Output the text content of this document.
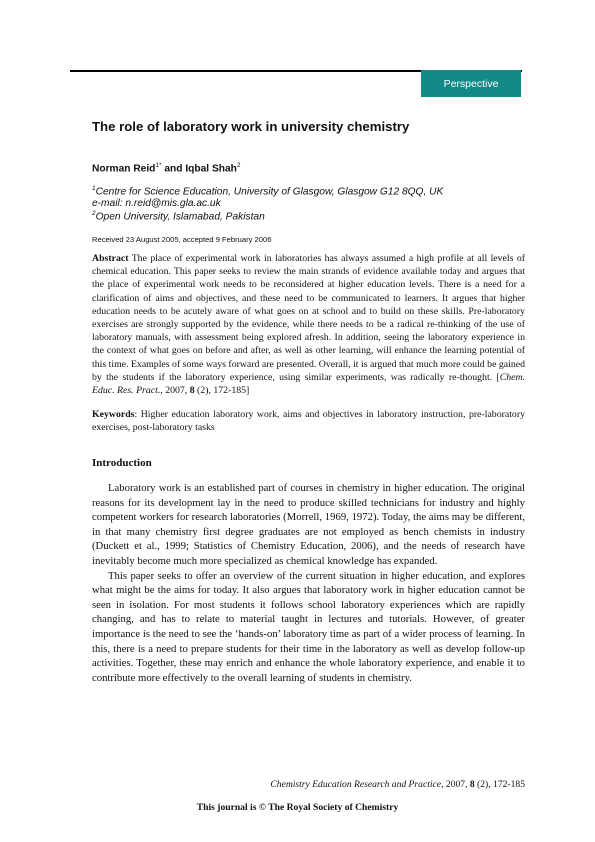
Perspective
The role of laboratory work in university chemistry
Norman Reid$^{1*}$ and Iqbal Shah$^2$
$^1$Centre for Science Education, University of Glasgow, Glasgow G12 8QQ, UK
e-mail: n.reid@mis.gla.ac.uk
$^2$Open University, Islamabad, Pakistan
Received 23 August 2005, accepted 9 February 2006
Abstract The place of experimental work in laboratories has always assumed a high profile at all levels of chemical education. This paper seeks to review the main strands of evidence available today and argues that the place of experimental work needs to be reconsidered at higher education levels. There is a need for a clarification of aims and objectives, and these need to be communicated to learners. It argues that higher education needs to be acutely aware of what goes on at school and to build on these skills. Pre-laboratory exercises are strongly supported by the evidence, while there needs to be a radical re-thinking of the use of laboratory manuals, with assessment being explored afresh. In addition, seeing the laboratory experience in the context of what goes on before and after, as well as other learning, will enhance the learning potential of this time. Examples of some ways forward are presented. Overall, it is argued that much more could be gained by the students if the laboratory experience, using similar experiments, was radically re-thought. [Chem. Educ. Res. Pract., 2007, 8 (2), 172-185]
Keywords: Higher education laboratory work, aims and objectives in laboratory instruction, pre-laboratory exercises, post-laboratory tasks
Introduction

Laboratory work is an established part of courses in chemistry in higher education. The original reasons for its development lay in the need to produce skilled technicians for industry and highly competent workers for research laboratories (Morrell, 1969, 1972). Today, the aims may be different, in that many chemistry first degree graduates are not employed as bench chemists in industry (Duckett et al., 1999; Statistics of Chemistry Education, 2006), and the needs of research have inevitably become much more specialized as chemical knowledge has expanded.

This paper seeks to offer an overview of the current situation in higher education, and explores what might be the aims for today. It also argues that laboratory work in higher education cannot be seen in isolation. For most students it follows school laboratory experiences which are rapidly changing, and has to relate to material taught in lectures and tutorials. However, of greater importance is the need to see the ‘hands-on’ laboratory time as part of a wider process of learning. In this, there is a need to prepare students for their time in the laboratory as well as develop follow-up activities. Together, these may enrich and enhance the whole laboratory experience, and enable it to contribute more effectively to the overall learning of students in chemistry.

Chemistry Education Research and Practice, 2007, 8 (2), 172-185
This journal is © The Royal Society of Chemistry
